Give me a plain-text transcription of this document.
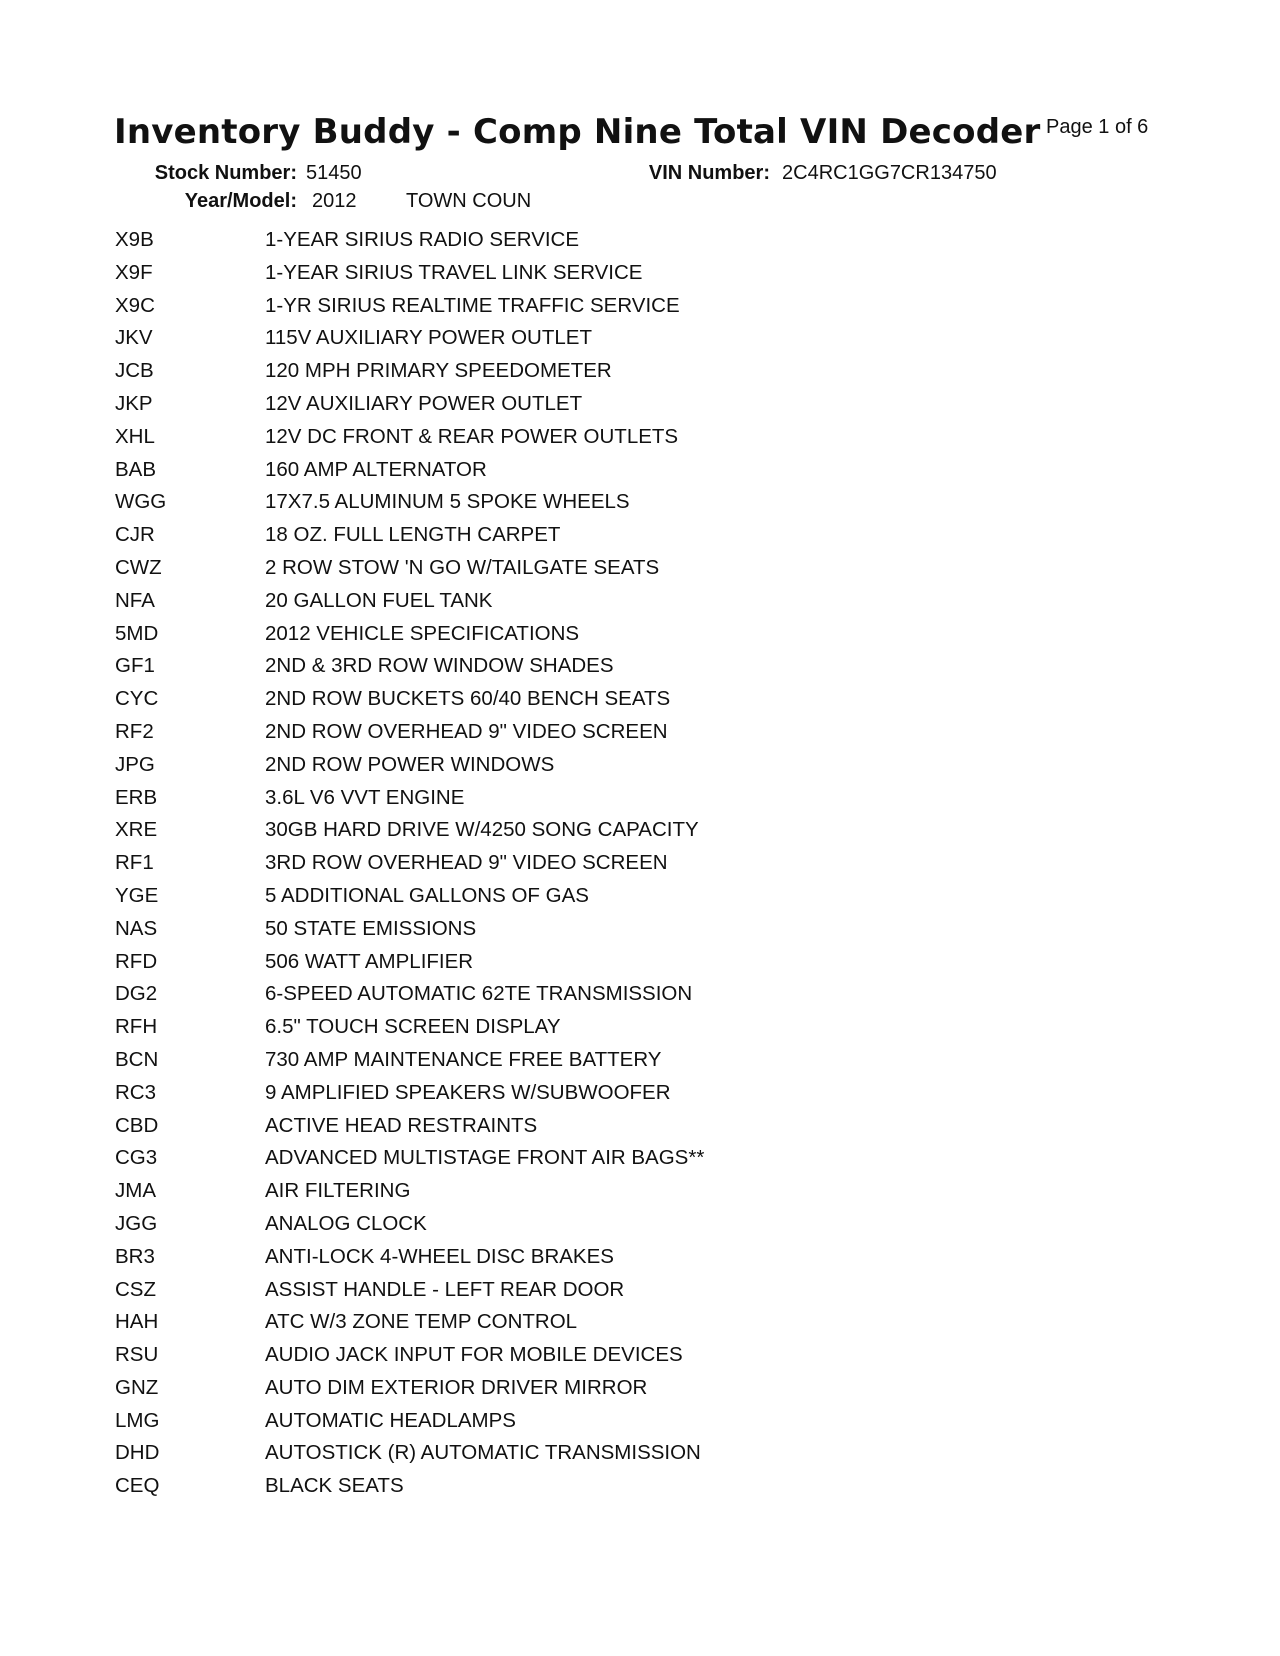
Inventory Buddy - Comp Nine Total VIN Decoder Page 1 of 6
Stock Number: 51450	VIN Number: 2C4RC1GG7CR134750
Year/Model: 2012 TOWN COUN
X9B	1-YEAR SIRIUS RADIO SERVICE
X9F	1-YEAR SIRIUS TRAVEL LINK SERVICE
X9C	1-YR SIRIUS REALTIME TRAFFIC SERVICE
JKV	115V AUXILIARY POWER OUTLET
JCB	120 MPH PRIMARY SPEEDOMETER
JKP	12V AUXILIARY POWER OUTLET
XHL	12V DC FRONT & REAR POWER OUTLETS
BAB	160 AMP ALTERNATOR
WGG	17X7.5 ALUMINUM 5 SPOKE WHEELS
CJR	18 OZ. FULL LENGTH CARPET
CWZ	2 ROW STOW 'N GO W/TAILGATE SEATS
NFA	20 GALLON FUEL TANK
5MD	2012 VEHICLE SPECIFICATIONS
GF1	2ND & 3RD ROW WINDOW SHADES
CYC	2ND ROW BUCKETS 60/40 BENCH SEATS
RF2	2ND ROW OVERHEAD 9" VIDEO SCREEN
JPG	2ND ROW POWER WINDOWS
ERB	3.6L V6 VVT ENGINE
XRE	30GB HARD DRIVE W/4250 SONG CAPACITY
RF1	3RD ROW OVERHEAD 9" VIDEO SCREEN
YGE	5 ADDITIONAL GALLONS OF GAS
NAS	50 STATE EMISSIONS
RFD	506 WATT AMPLIFIER
DG2	6-SPEED AUTOMATIC 62TE TRANSMISSION
RFH	6.5" TOUCH SCREEN DISPLAY
BCN	730 AMP MAINTENANCE FREE BATTERY
RC3	9 AMPLIFIED SPEAKERS W/SUBWOOFER
CBD	ACTIVE HEAD RESTRAINTS
CG3	ADVANCED MULTISTAGE FRONT AIR BAGS**
JMA	AIR FILTERING
JGG	ANALOG CLOCK
BR3	ANTI-LOCK 4-WHEEL DISC BRAKES
CSZ	ASSIST HANDLE - LEFT REAR DOOR
HAH	ATC W/3 ZONE TEMP CONTROL
RSU	AUDIO JACK INPUT FOR MOBILE DEVICES
GNZ	AUTO DIM EXTERIOR DRIVER MIRROR
LMG	AUTOMATIC HEADLAMPS
DHD	AUTOSTICK (R) AUTOMATIC TRANSMISSION
CEQ	BLACK SEATS
